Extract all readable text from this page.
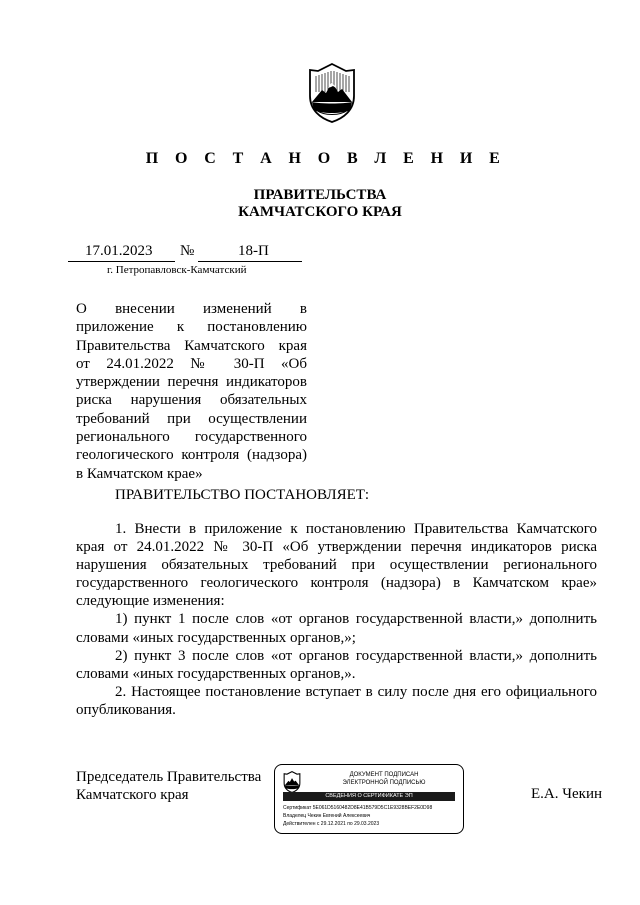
П О С Т А Н О В Л Е Н И Е
ПРАВИТЕЛЬСТВА
КАМЧАТСКОГО КРАЯ
17.01.2023 №	18-П
г. Петропавловск-Камчатский
О внесении изменений в
приложение к постановлению
Правительства Камчатского края
от 24.01.2022 № 30-П «Об
утверждении перечня индикаторов
риска нарушения обязательных
требований при осуществлении
регионального государственного
геологического контроля (надзора)
в Камчатском крае»
ПРАВИТЕЛЬСТВО ПОСТАНОВЛЯЕТ:
1. Внести в приложение к постановлению Правительства Камчатского
края от 24.01.2022 № 30-П «Об утверждении перечня индикаторов риска
нарушения обязательных требований при осуществлении регионального
государственного геологического контроля (надзора) в Камчатском крае»
следующие изменения:
1) пункт 1 после слов «от органов государственной власти,» дополнить
словами «иных государственных органов,»;
2) пункт 3 после слов «от органов государственной власти,» дополнить
словами «иных государственных органов,».
2. Настоящее постановление вступает в силу после дня его официального
опубликования.
Председатель Правительства
Камчатского края
ДОКУМЕНТ ПОДПИСАН
ЭЛЕКТРОННОЙ ПОДПИСЬЮ
СВЕДЕНИЯ О СЕРТИФИКАТЕ ЭП
Сертификат 5E061D5160482D8E41B579D5C1E9328BEF2E0D98
Владелец Чекин Евгений Алексеевич
Действителен с 29.12.2021 по 29.03.2023
Е.А. Чекин
